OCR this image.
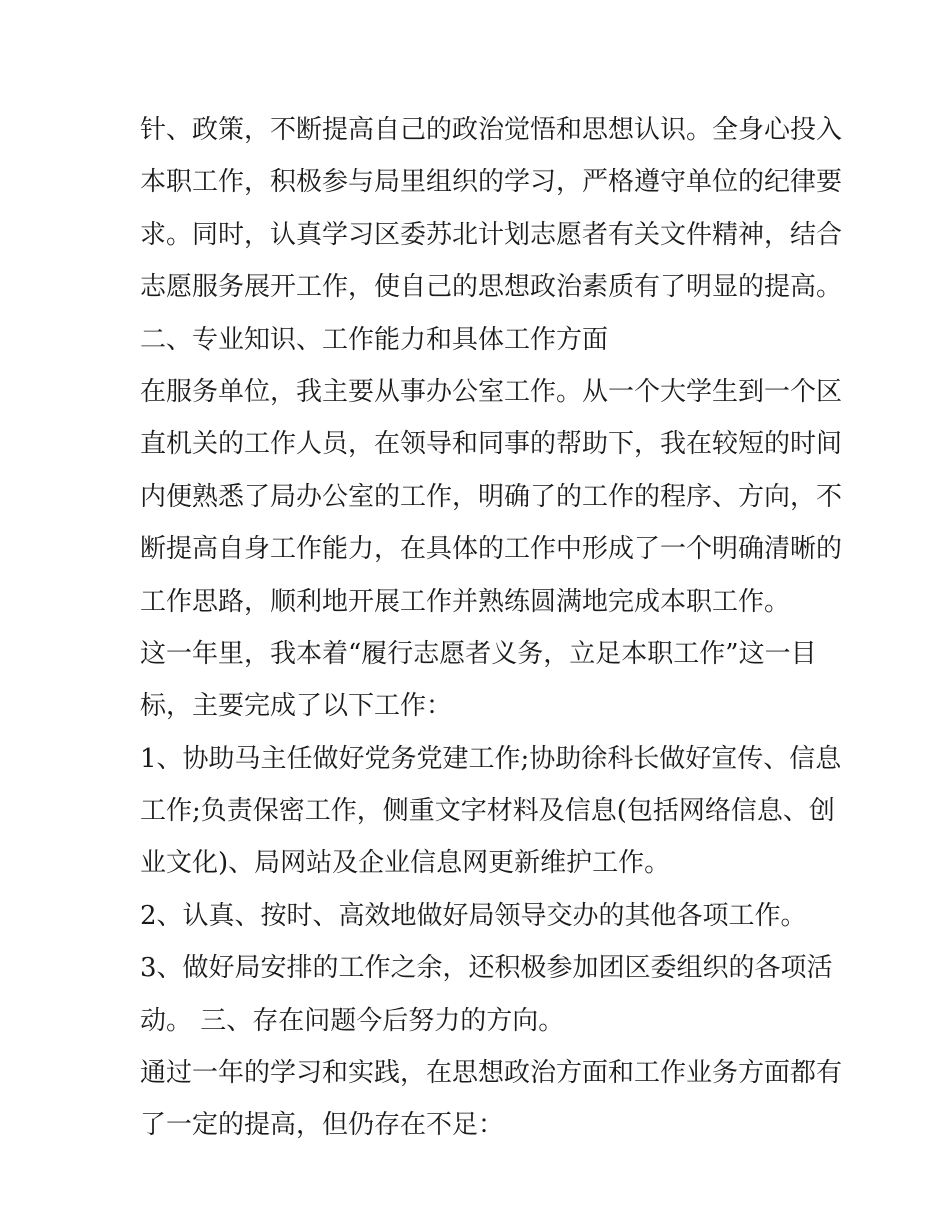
针、政策，不断提高自己的政治觉悟和思想认识。全身心投入
本职工作，积极参与局里组织的学习，严格遵守单位的纪律要
求。同时，认真学习区委苏北计划志愿者有关文件精神，结合
志愿服务展开工作，使自己的思想政治素质有了明显的提高。
二、专业知识、工作能力和具体工作方面
在服务单位，我主要从事办公室工作。从一个大学生到一个区
直机关的工作人员，在领导和同事的帮助下，我在较短的时间
内便熟悉了局办公室的工作，明确了的工作的程序、方向，不
断提高自身工作能力，在具体的工作中形成了一个明确清晰的
工作思路，顺利地开展工作并熟练圆满地完成本职工作。
这一年里，我本着“履行志愿者义务，立足本职工作”这一目
标，主要完成了以下工作：
1、协助马主任做好党务党建工作;协助徐科长做好宣传、信息
工作;负责保密工作，侧重文字材料及信息(包括网络信息、创
业文化)、局网站及企业信息网更新维护工作。
2、认真、按时、高效地做好局领导交办的其他各项工作。
3、做好局安排的工作之余，还积极参加团区委组织的各项活
动。 三、存在问题今后努力的方向。
通过一年的学习和实践，在思想政治方面和工作业务方面都有
了一定的提高，但仍存在不足：
